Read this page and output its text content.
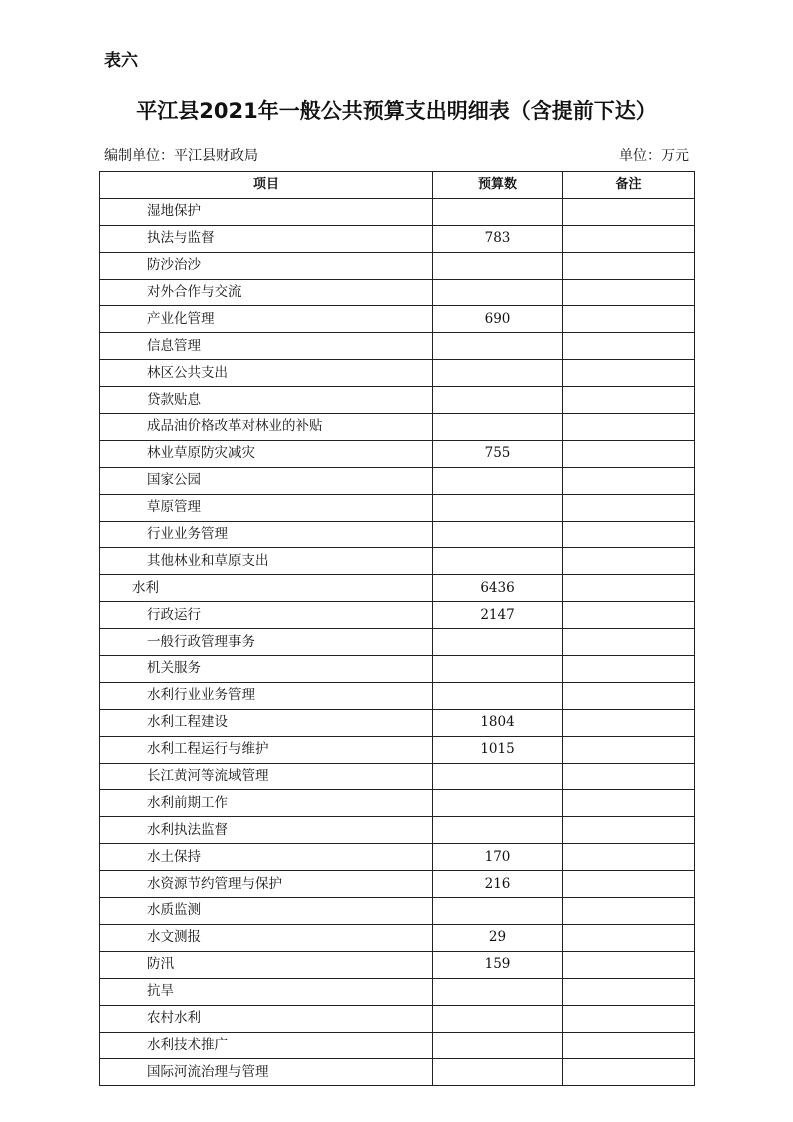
表六
平江县2021年一般公共预算支出明细表（含提前下达）
编制单位：平江县财政局	单位：万元
项目	预算数	备注
湿地保护		
执法与监督	783	
防沙治沙		
对外合作与交流		
产业化管理	690	
信息管理		
林区公共支出		
贷款贴息		
成品油价格改革对林业的补贴		
林业草原防灾减灾	755	
国家公园		
草原管理		
行业业务管理		
其他林业和草原支出		
水利	6436	
行政运行	2147	
一般行政管理事务		
机关服务		
水利行业业务管理		
水利工程建设	1804	
水利工程运行与维护	1015	
长江黄河等流域管理		
水利前期工作		
水利执法监督		
水土保持	170	
水资源节约管理与保护	216	
水质监测		
水文测报	29	
防汛	159	
抗旱		
农村水利		
水利技术推广		
国际河流治理与管理		
